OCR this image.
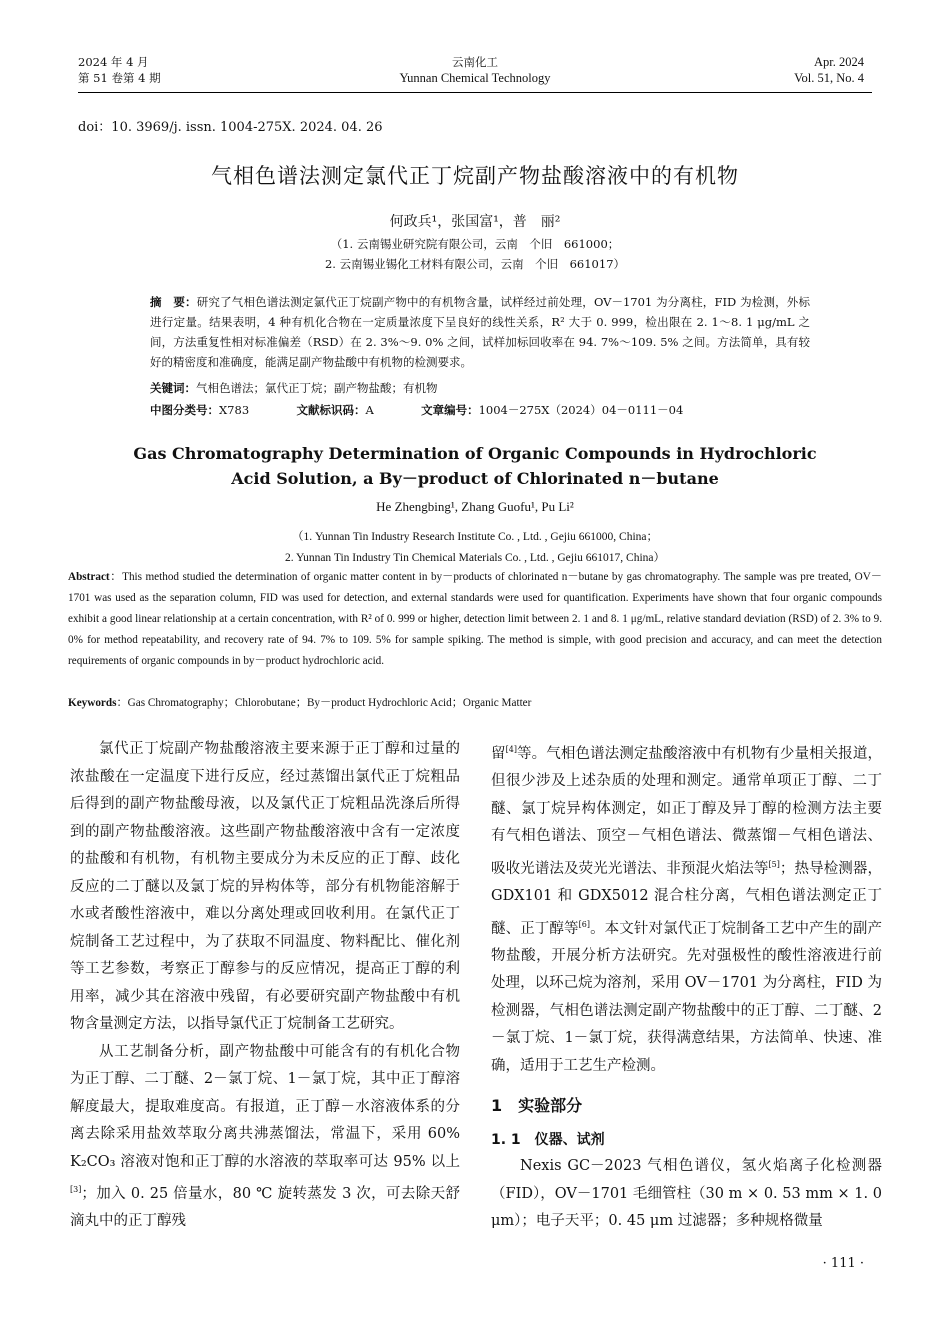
2024 年 4 月
第 51 卷第 4 期
云南化工
Yunnan Chemical Technology
Apr. 2024
Vol. 51, No. 4
doi：10. 3969/j. issn. 1004-275X. 2024. 04. 26
气相色谱法测定氯代正丁烷副产物盐酸溶液中的有机物
何政兵¹，张国富¹，普　丽²
（1. 云南锡业研究院有限公司，云南　个旧　661000；
2. 云南锡业锡化工材料有限公司，云南　个旧　661017）
摘　要：研究了气相色谱法测定氯代正丁烷副产物中的有机物含量，试样经过前处理，OV－1701 为分离柱，FID 为检测，外标进行定量。结果表明，4 种有机化合物在一定质量浓度下呈良好的线性关系，R² 大于 0. 999，检出限在 2. 1～8. 1 μg/mL 之间，方法重复性相对标准偏差（RSD）在 2. 3%～9. 0% 之间，试样加标回收率在 94. 7%～109. 5% 之间。方法简单，具有较好的精密度和准确度，能满足副产物盐酸中有机物的检测要求。
关键词：气相色谱法；氯代正丁烷；副产物盐酸；有机物
中图分类号：X783	文献标识码：A	文章编号：1004－275X（2024）04－0111－04
Gas Chromatography Determination of Organic Compounds in Hydrochloric
Acid Solution, a By－product of Chlorinated n－butane
He Zhengbing¹, Zhang Guofu¹, Pu Li²
（1. Yunnan Tin Industry Research Institute Co. , Ltd. , Gejiu 661000, China；
2. Yunnan Tin Industry Tin Chemical Materials Co. , Ltd. , Gejiu 661017, China）
Abstract：This method studied the determination of organic matter content in by－products of chlorinated n－butane by gas chromatography. The sample was pre treated, OV－1701 was used as the separation column, FID was used for detection, and external standards were used for quantification. Experiments have shown that four organic compounds exhibit a good linear relationship at a certain concentration, with R² of 0. 999 or higher, detection limit between 2. 1 and 8. 1 μg/mL, relative standard deviation (RSD) of 2. 3% to 9. 0% for method repeatability, and recovery rate of 94. 7% to 109. 5% for sample spiking. The method is simple, with good precision and accuracy, and can meet the detection requirements of organic compounds in by－product hydrochloric acid.
Keywords：Gas Chromatography；Chlorobutane；By－product Hydrochloric Acid；Organic Matter

氯代正丁烷副产物盐酸溶液主要来源于正丁醇和过量的浓盐酸在一定温度下进行反应，经过蒸馏出氯代正丁烷粗品后得到的副产物盐酸母液，以及氯代正丁烷粗品洗涤后所得到的副产物盐酸溶液。这些副产物盐酸溶液中含有一定浓度的盐酸和有机物，有机物主要成分为未反应的正丁醇、歧化反应的二丁醚以及氯丁烷的异构体等，部分有机物能溶解于水或者酸性溶液中，难以分离处理或回收利用。在氯代正丁烷制备工艺过程中，为了获取不同温度、物料配比、催化剂等工艺参数，考察正丁醇参与的反应情况，提高正丁醇的利用率，减少其在溶液中残留，有必要研究副产物盐酸中有机物含量测定方法，以指导氯代正丁烷制备工艺研究。

从工艺制备分析，副产物盐酸中可能含有的有机化合物为正丁醇、二丁醚、2－氯丁烷、1－氯丁烷，其中正丁醇溶解度最大，提取难度高。有报道，正丁醇－水溶液体系的分离去除采用盐效萃取分离共沸蒸馏法，常温下，采用 60% K₂CO₃ 溶液对饱和正丁醇的水溶液的萃取率可达 95% 以上[3]；加入 0. 25 倍量水，80 ℃ 旋转蒸发 3 次，可去除天舒滴丸中的正丁醇残

留[4]等。气相色谱法测定盐酸溶液中有机物有少量相关报道，但很少涉及上述杂质的处理和测定。通常单项正丁醇、二丁醚、氯丁烷异构体测定，如正丁醇及异丁醇的检测方法主要有气相色谱法、顶空－气相色谱法、微蒸馏－气相色谱法、吸收光谱法及荧光光谱法、非预混火焰法等[5]；热导检测器，GDX101 和 GDX5012 混合柱分离，气相色谱法测定正丁醚、正丁醇等[6]。本文针对氯代正丁烷制备工艺中产生的副产物盐酸，开展分析方法研究。先对强极性的酸性溶液进行前处理，以环己烷为溶剂，采用 OV－1701 为分离柱，FID 为检测器，气相色谱法测定副产物盐酸中的正丁醇、二丁醚、2－氯丁烷、1－氯丁烷，获得满意结果，方法简单、快速、准确，适用于工艺生产检测。

1　实验部分
1. 1　仪器、试剂

Nexis GC－2023 气相色谱仪，氢火焰离子化检测器（FID），OV－1701 毛细管柱（30 m × 0. 53 mm × 1. 0 μm）；电子天平；0. 45 μm 过滤器；多种规格微量

· 111 ·
